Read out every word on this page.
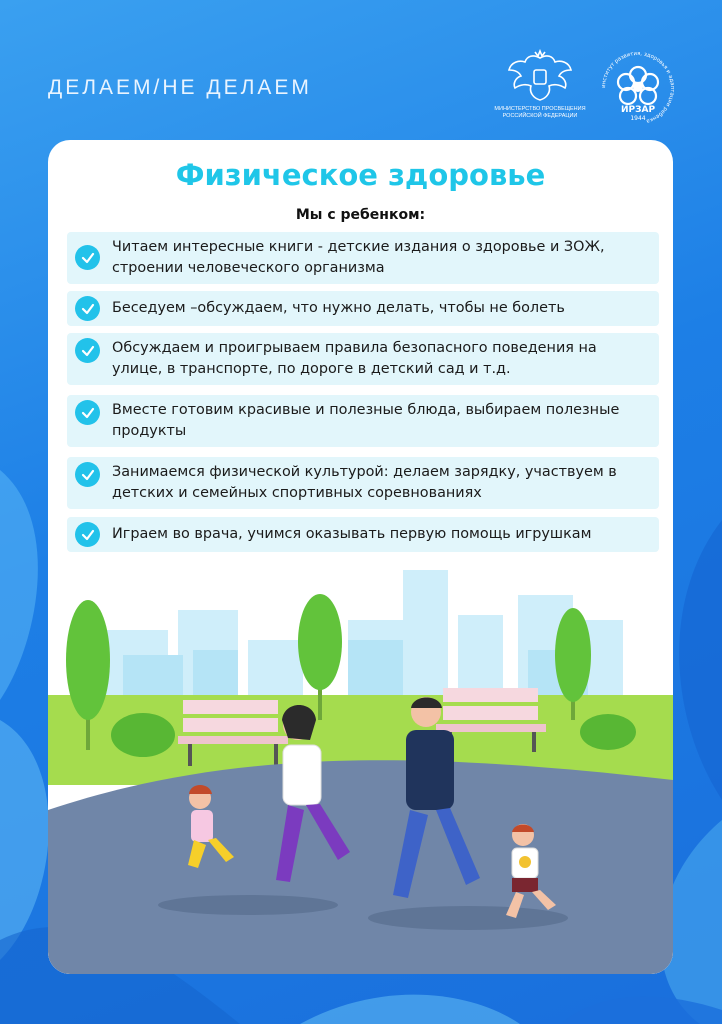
ДЕЛАЕМ/НЕ ДЕЛАЕМ
МИНИСТЕРСТВО ПРОСВЕЩЕНИЯ
РОССИЙСКОЙ ФЕДЕРАЦИИ
институт развития, здоровья и адаптации ребенка
ИРЗАР
1944
Физическое здоровье
Мы с ребенком:
Читаем интересные книги - детские издания о здоровье и ЗОЖ, строении человеческого организма
Беседуем –обсуждаем, что нужно делать, чтобы не болеть
Обсуждаем и проигрываем правила безопасного поведения на улице, в транспорте, по дороге в детский сад и т.д.
Вместе готовим красивые и полезные блюда, выбираем полезные продукты
Занимаемся физической культурой: делаем зарядку, участвуем в детских и семейных спортивных соревнованиях
Играем во врача, учимся оказывать первую помощь игрушкам
